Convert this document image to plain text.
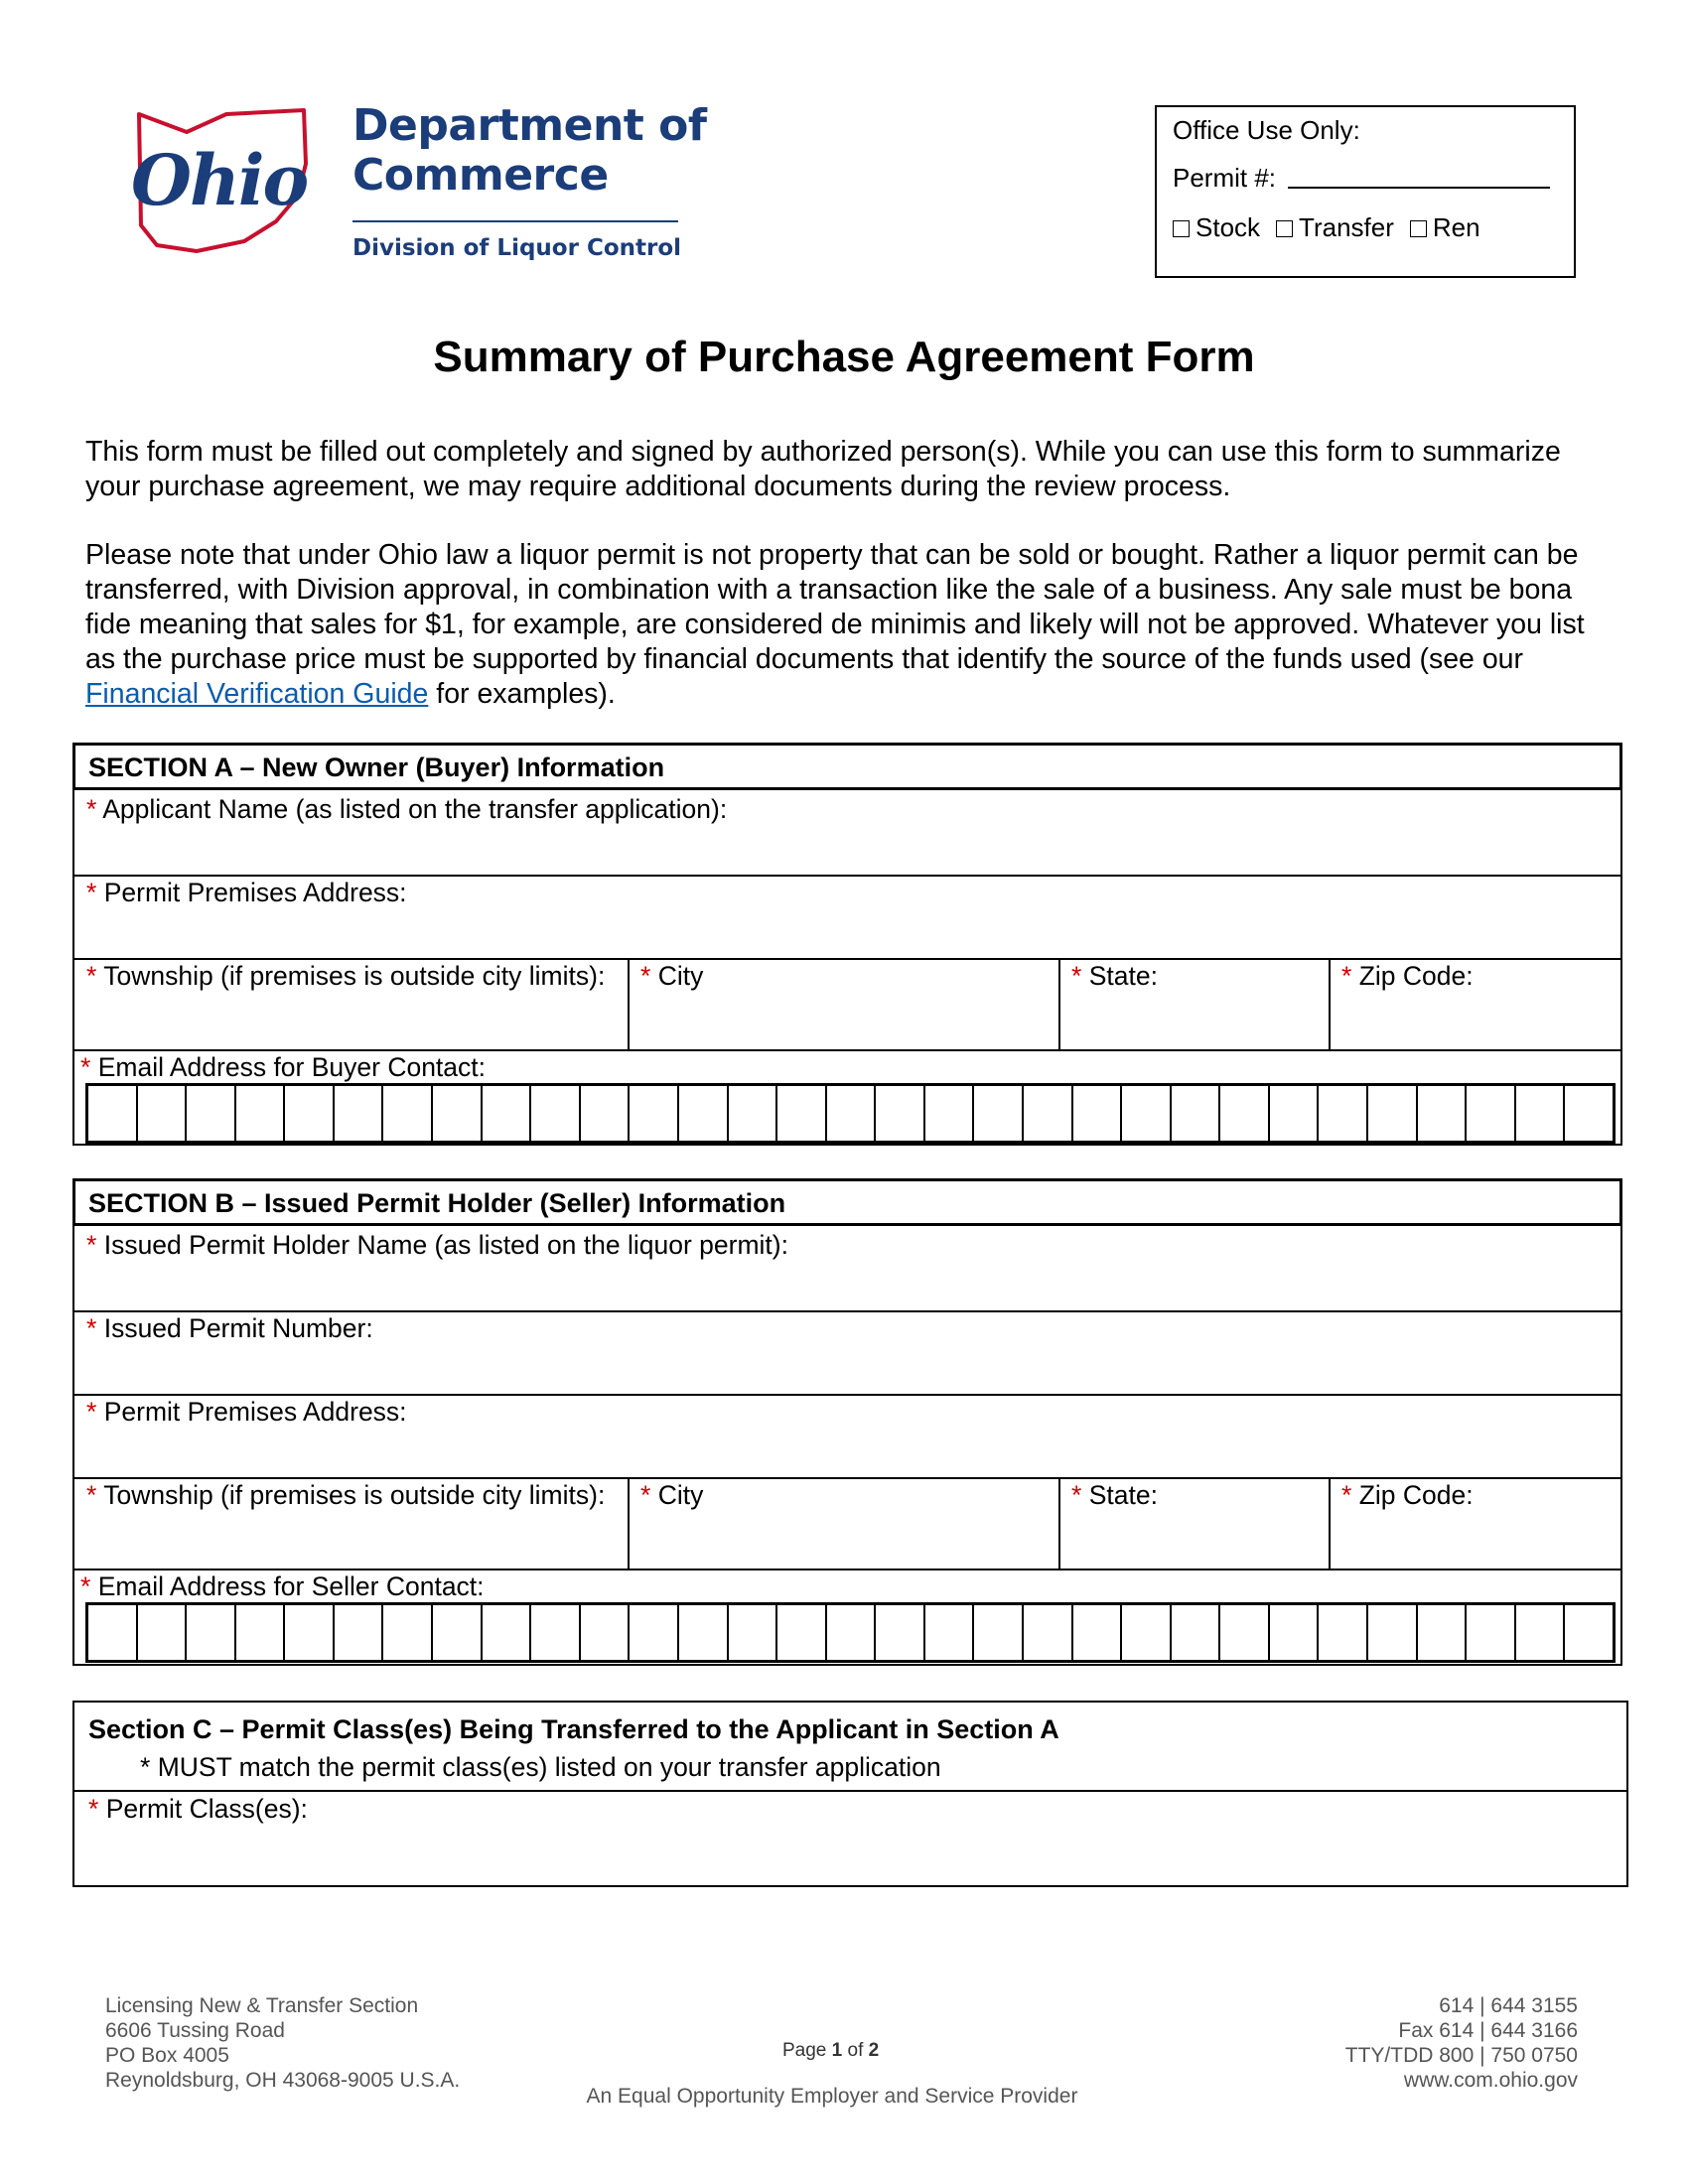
Ohio
Department of
Commerce
Division of Liquor Control
Office Use Only:
Permit #:
Stock	Transfer	Ren
Summary of Purchase Agreement Form
This form must be filled out completely and signed by authorized person(s). While you can use this form to summarize your purchase agreement, we may require additional documents during the review process.
Please note that under Ohio law a liquor permit is not property that can be sold or bought. Rather a liquor permit can be transferred, with Division approval, in combination with a transaction like the sale of a business. Any sale must be bona fide meaning that sales for $1, for example, are considered de minimis and likely will not be approved. Whatever you list as the purchase price must be supported by financial documents that identify the source of the funds used (see our Financial Verification Guide for examples).
SECTION A – New Owner (Buyer) Information
* Applicant Name (as listed on the transfer application):
* Permit Premises Address:
* Township (if premises is outside city limits): * City	* State:	* Zip Code:
* Email Address for Buyer Contact:
SECTION B – Issued Permit Holder (Seller) Information
* Issued Permit Holder Name (as listed on the liquor permit):
* Issued Permit Number:
* Permit Premises Address:
* Township (if premises is outside city limits): * City	* State:	* Zip Code:
* Email Address for Seller Contact:
Section C – Permit Class(es) Being Transferred to the Applicant in Section A
* MUST match the permit class(es) listed on your transfer application
* Permit Class(es):
Licensing New & Transfer Section
6606 Tussing Road
PO Box 4005
Reynoldsburg, OH 43068-9005 U.S.A.
Page 1 of 2
An Equal Opportunity Employer and Service Provider
614 | 644 3155
Fax 614 | 644 3166
TTY/TDD 800 | 750 0750
www.com.ohio.gov
